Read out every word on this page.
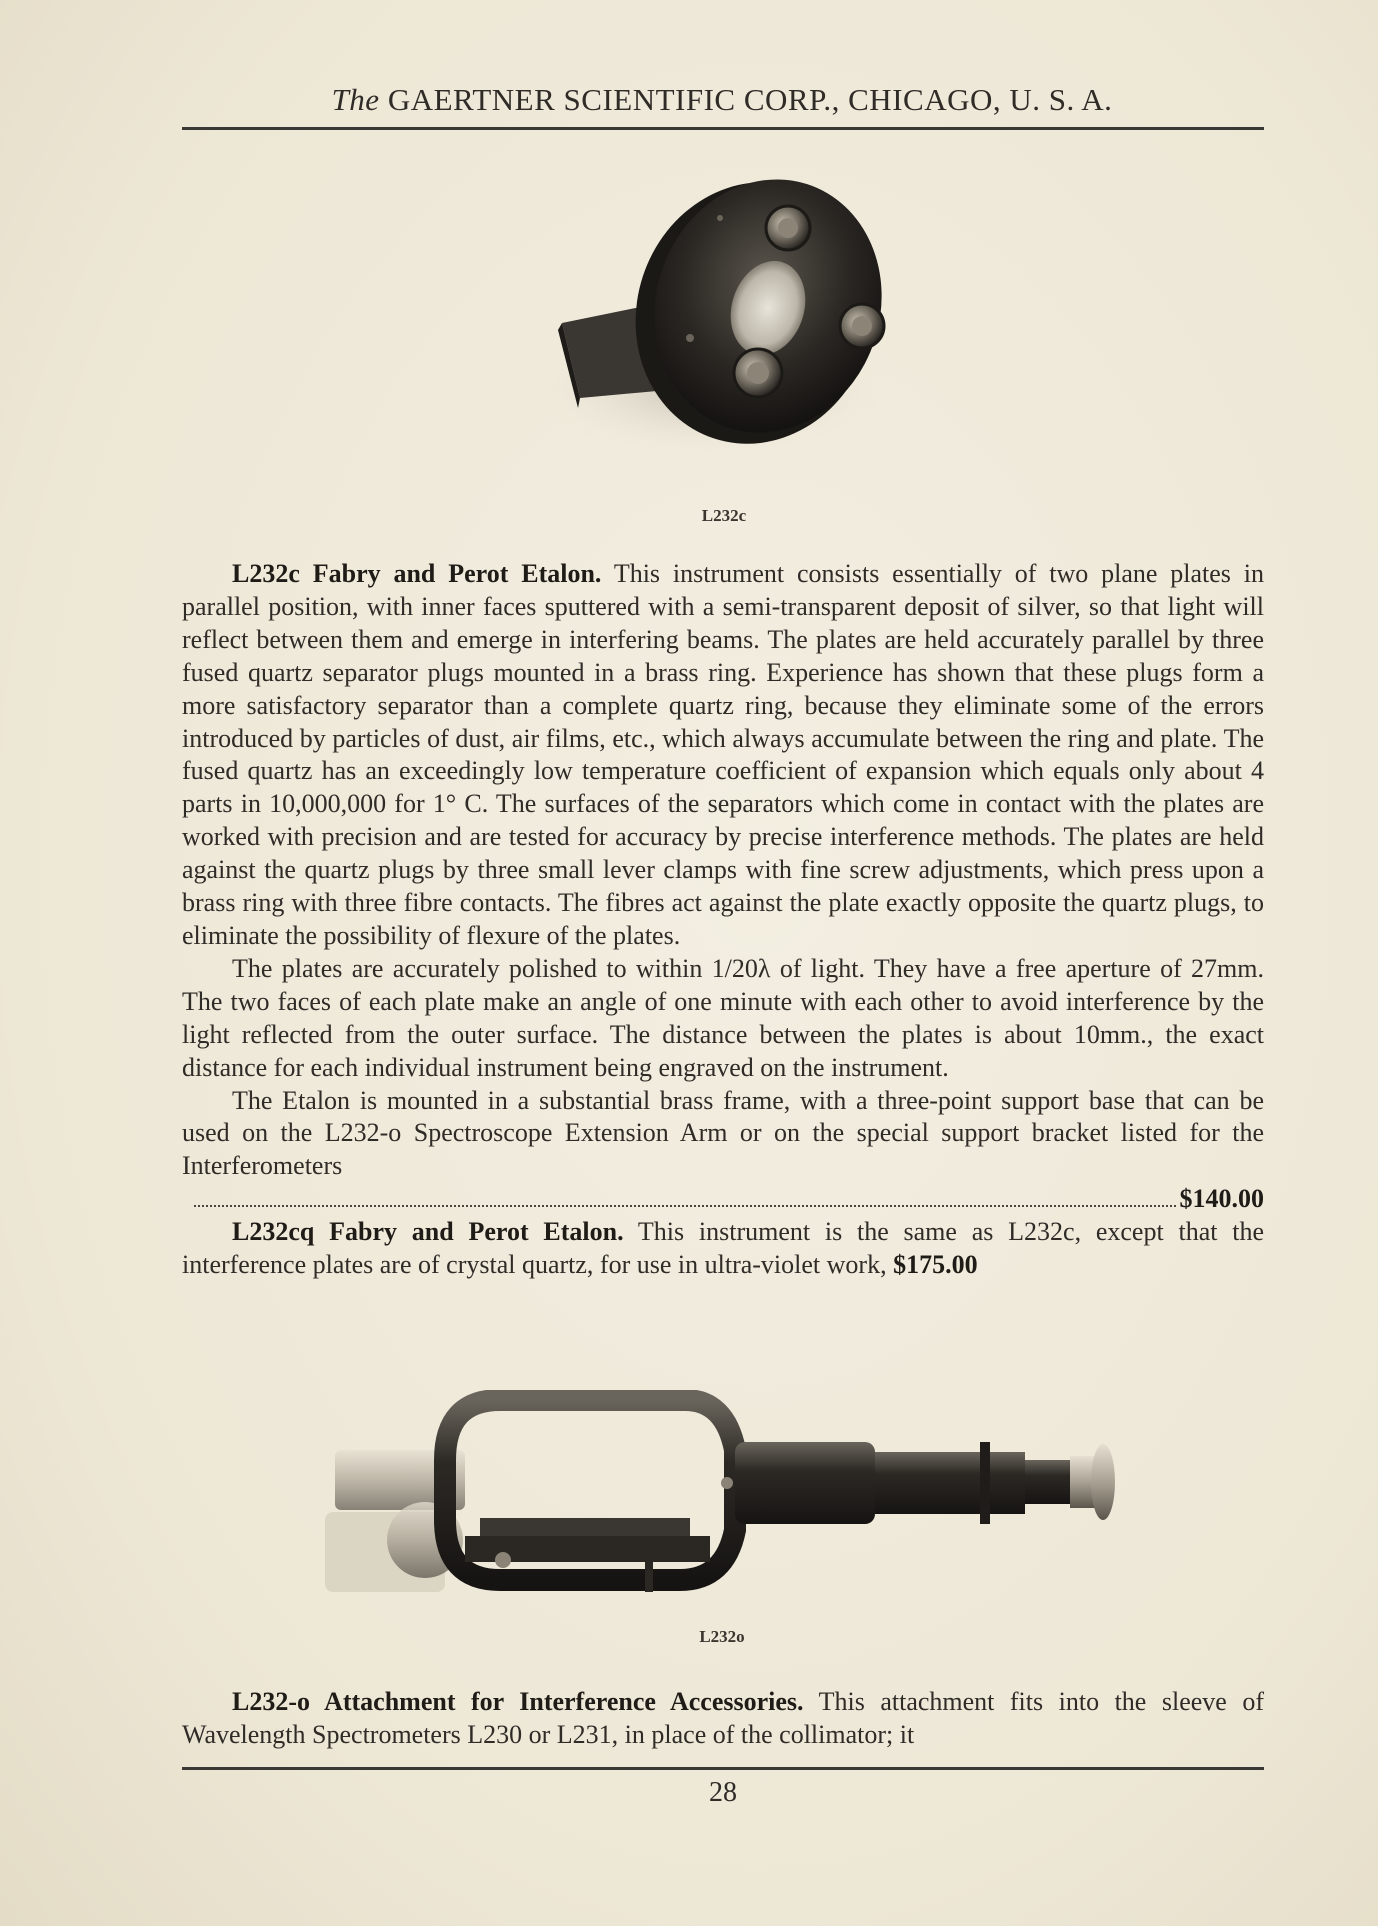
The GAERTNER SCIENTIFIC CORP., CHICAGO, U. S. A.
L232c

L232c Fabry and Perot Etalon. This instrument consists essentially of two plane plates in parallel position, with inner faces sputtered with a semi-transparent deposit of silver, so that light will reflect between them and emerge in interfering beams. The plates are held accurately parallel by three fused quartz separator plugs mounted in a brass ring. Experience has shown that these plugs form a more satisfactory separator than a complete quartz ring, because they eliminate some of the errors introduced by particles of dust, air films, etc., which always accumulate between the ring and plate. The fused quartz has an exceedingly low temperature coefficient of expansion which equals only about 4 parts in 10,000,000 for 1° C. The surfaces of the separators which come in contact with the plates are worked with precision and are tested for accuracy by precise interference methods. The plates are held against the quartz plugs by three small lever clamps with fine screw adjustments, which press upon a brass ring with three fibre contacts. The fibres act against the plate exactly opposite the quartz plugs, to eliminate the possibility of flexure of the plates.

The plates are accurately polished to within 1/20λ of light. They have a free aperture of 27mm. The two faces of each plate make an angle of one minute with each other to avoid interference by the light reflected from the outer surface. The distance between the plates is about 10mm., the exact distance for each individual instrument being engraved on the instrument.

The Etalon is mounted in a substantial brass frame, with a three-point support base that can be used on the L232-o Spectroscope Extension Arm or on the special support bracket listed for the Interferometers

$140.00

L232cq Fabry and Perot Etalon. This instrument is the same as L232c, except that the interference plates are of crystal quartz, for use in ultra-violet work, $175.00

L232o

L232-o Attachment for Interference Accessories. This attachment fits into the sleeve of Wavelength Spectrometers L230 or L231, in place of the collimator; it

28
